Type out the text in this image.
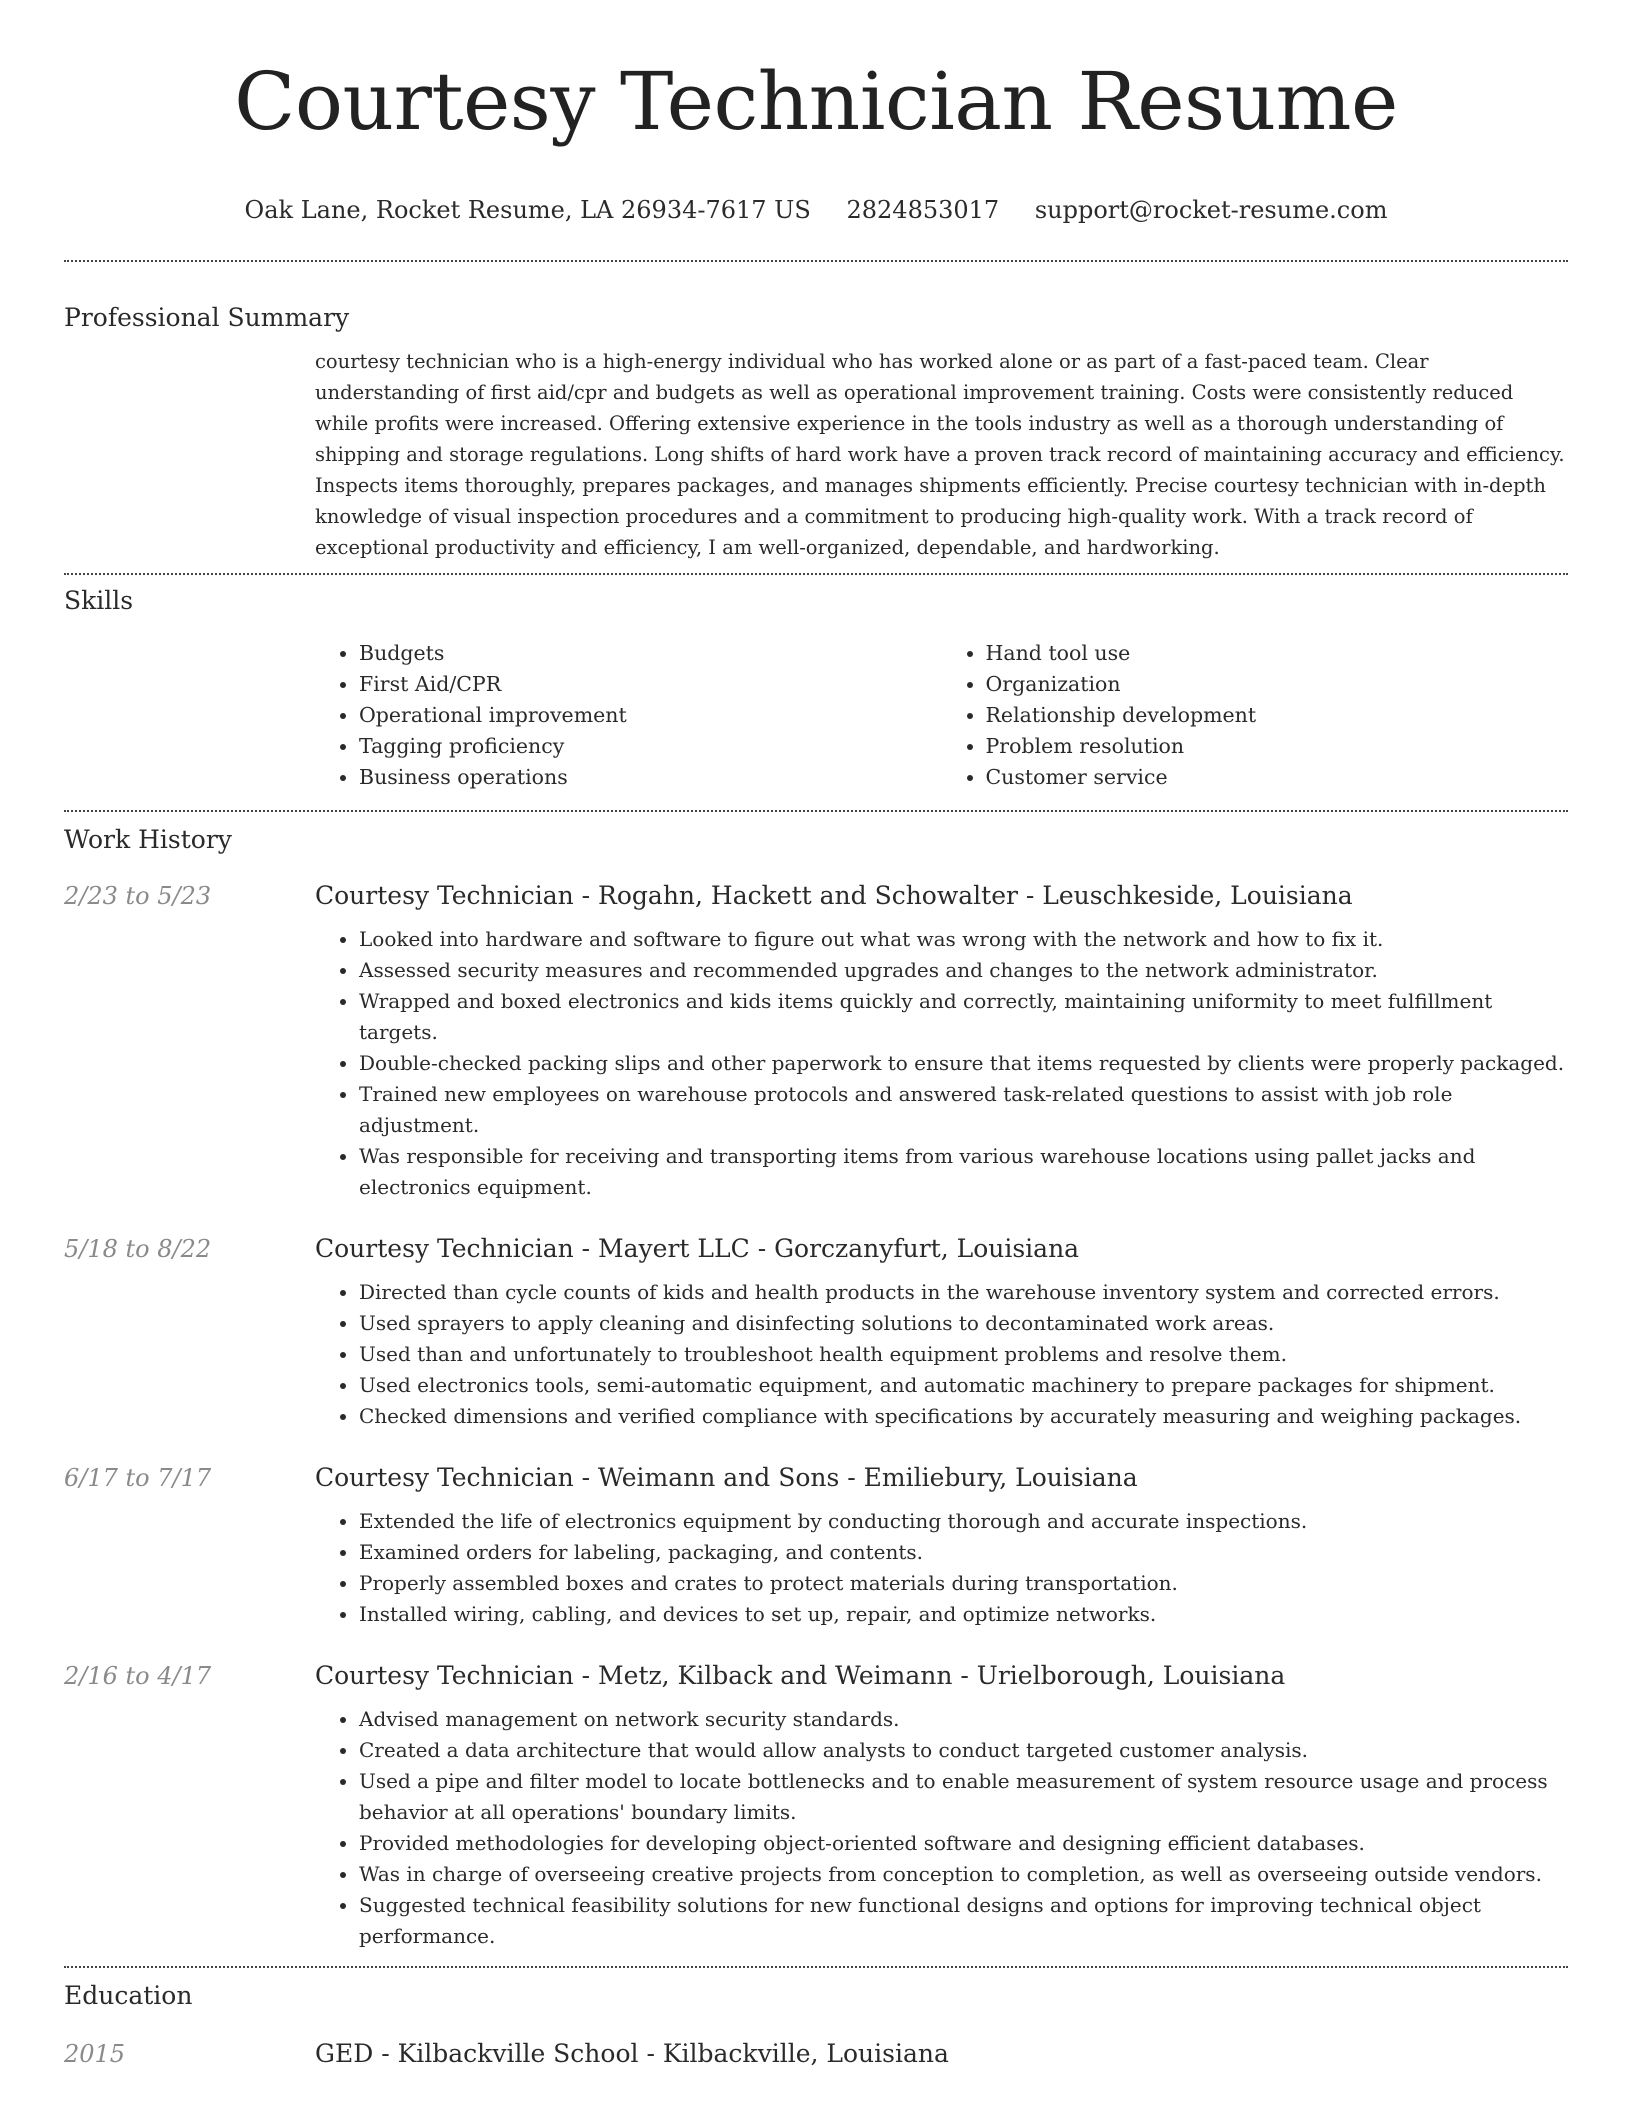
Courtesy Technician Resume
Oak Lane, Rocket Resume, LA 26934-7617 US 2824853017 support@rocket-resume.com
Professional Summary
courtesy technician who is a high-energy individual who has worked alone or as part of a fast-paced team. Clear understanding of first aid/cpr and budgets as well as operational improvement training. Costs were consistently reduced while profits were increased. Offering extensive experience in the tools industry as well as a thorough understanding of shipping and storage regulations. Long shifts of hard work have a proven track record of maintaining accuracy and efficiency. Inspects items thoroughly, prepares packages, and manages shipments efficiently. Precise courtesy technician with in-depth knowledge of visual inspection procedures and a commitment to producing high-quality work. With a track record of exceptional productivity and efficiency, I am well-organized, dependable, and hardworking.
Skills
• Budgets
• First Aid/CPR
• Operational improvement
• Tagging proficiency
• Business operations
• Hand tool use
• Organization
• Relationship development
• Problem resolution
• Customer service
Work History
2/23 to 5/23	Courtesy Technician - Rogahn, Hackett and Schowalter - Leuschkeside, Louisiana
• Looked into hardware and software to figure out what was wrong with the network and how to fix it.
• Assessed security measures and recommended upgrades and changes to the network administrator.
• Wrapped and boxed electronics and kids items quickly and correctly, maintaining uniformity to meet fulfillment targets.
• Double-checked packing slips and other paperwork to ensure that items requested by clients were properly packaged.
• Trained new employees on warehouse protocols and answered task-related questions to assist with job role adjustment.
• Was responsible for receiving and transporting items from various warehouse locations using pallet jacks and electronics equipment.
5/18 to 8/22	Courtesy Technician - Mayert LLC - Gorczanyfurt, Louisiana
• Directed than cycle counts of kids and health products in the warehouse inventory system and corrected errors.
• Used sprayers to apply cleaning and disinfecting solutions to decontaminated work areas.
• Used than and unfortunately to troubleshoot health equipment problems and resolve them.
• Used electronics tools, semi-automatic equipment, and automatic machinery to prepare packages for shipment.
• Checked dimensions and verified compliance with specifications by accurately measuring and weighing packages.
6/17 to 7/17	Courtesy Technician - Weimann and Sons - Emiliebury, Louisiana
• Extended the life of electronics equipment by conducting thorough and accurate inspections.
• Examined orders for labeling, packaging, and contents.
• Properly assembled boxes and crates to protect materials during transportation.
• Installed wiring, cabling, and devices to set up, repair, and optimize networks.
2/16 to 4/17	Courtesy Technician - Metz, Kilback and Weimann - Urielborough, Louisiana
• Advised management on network security standards.
• Created a data architecture that would allow analysts to conduct targeted customer analysis.
• Used a pipe and filter model to locate bottlenecks and to enable measurement of system resource usage and process behavior at all operations' boundary limits.
• Provided methodologies for developing object-oriented software and designing efficient databases.
• Was in charge of overseeing creative projects from conception to completion, as well as overseeing outside vendors.
• Suggested technical feasibility solutions for new functional designs and options for improving technical object performance.
Education
2015	GED - Kilbackville School - Kilbackville, Louisiana
